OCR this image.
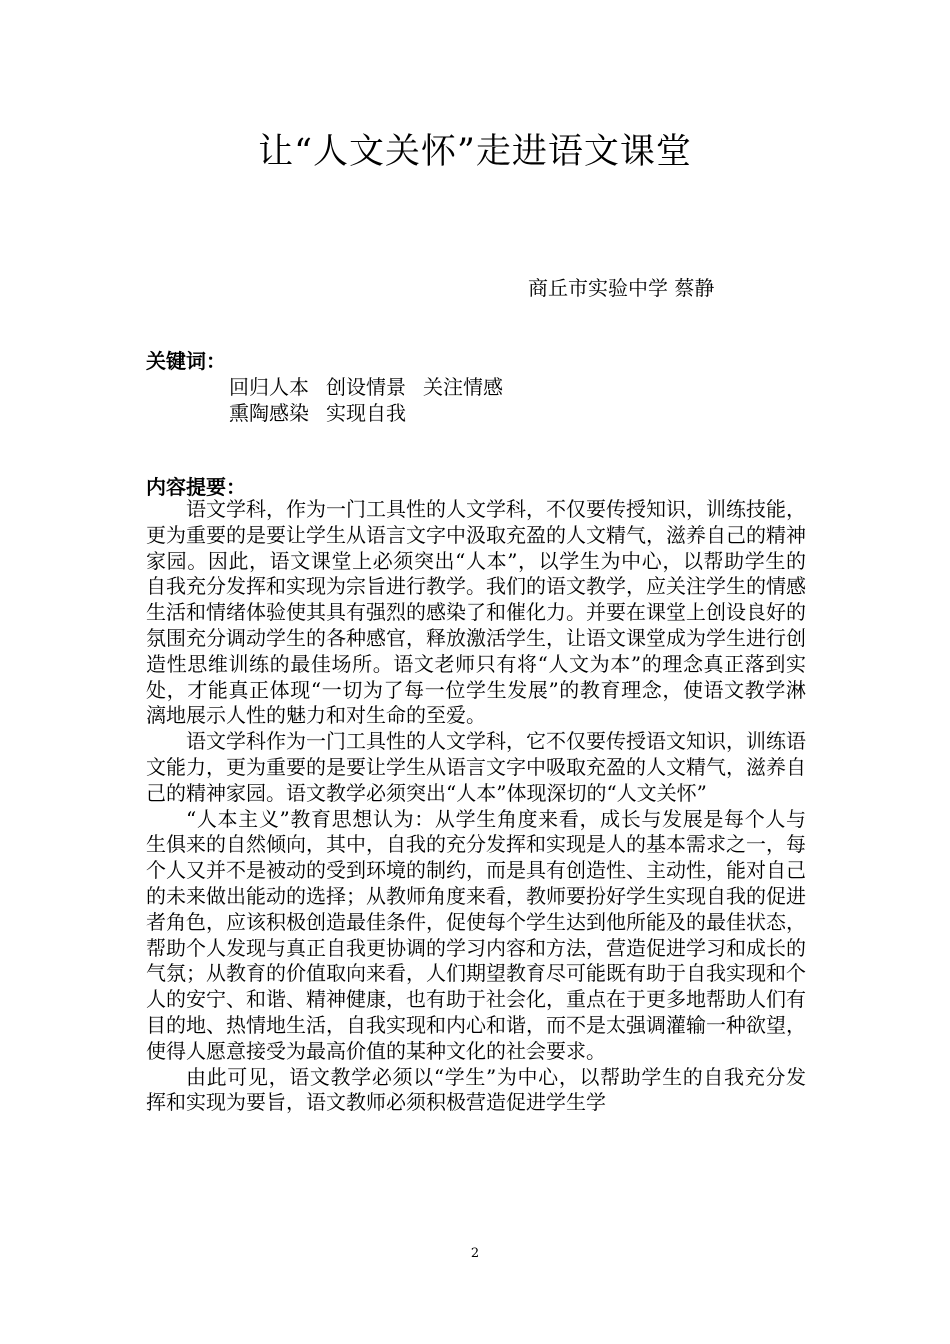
让“人文关怀”走进语文课堂
商丘市实验中学 蔡静
关键词：
回归人本 创设情景 关注情感
熏陶感染 实现自我
内容提要：

语文学科，作为一门工具性的人文学科，不仅要传授知识，训练技能，更为重要的是要让学生从语言文字中汲取充盈的人文精气，滋养自己的精神家园。因此，语文课堂上必须突出“人本”，以学生为中心，以帮助学生的自我充分发挥和实现为宗旨进行教学。我们的语文教学，应关注学生的情感生活和情绪体验使其具有强烈的感染了和催化力。并要在课堂上创设良好的氛围充分调动学生的各种感官，释放激活学生，让语文课堂成为学生进行创造性思维训练的最佳场所。语文老师只有将“人文为本”的理念真正落到实处，才能真正体现“一切为了每一位学生发展”的教育理念，使语文教学淋漓地展示人性的魅力和对生命的至爱。

语文学科作为一门工具性的人文学科，它不仅要传授语文知识，训练语文能力，更为重要的是要让学生从语言文字中吸取充盈的人文精气，滋养自己的精神家园。语文教学必须突出“人本”体现深切的“人文关怀”

“人本主义”教育思想认为：从学生角度来看，成长与发展是每个人与生俱来的自然倾向，其中，自我的充分发挥和实现是人的基本需求之一，每个人又并不是被动的受到环境的制约，而是具有创造性、主动性，能对自己的未来做出能动的选择；从教师角度来看，教师要扮好学生实现自我的促进者角色，应该积极创造最佳条件，促使每个学生达到他所能及的最佳状态，帮助个人发现与真正自我更协调的学习内容和方法，营造促进学习和成长的气氛；从教育的价值取向来看，人们期望教育尽可能既有助于自我实现和个人的安宁、和谐、精神健康，也有助于社会化，重点在于更多地帮助人们有目的地、热情地生活，自我实现和内心和谐，而不是太强调灌输一种欲望，使得人愿意接受为最高价值的某种文化的社会要求。

由此可见，语文教学必须以“学生”为中心，以帮助学生的自我充分发挥和实现为要旨，语文教师必须积极营造促进学生学

2
